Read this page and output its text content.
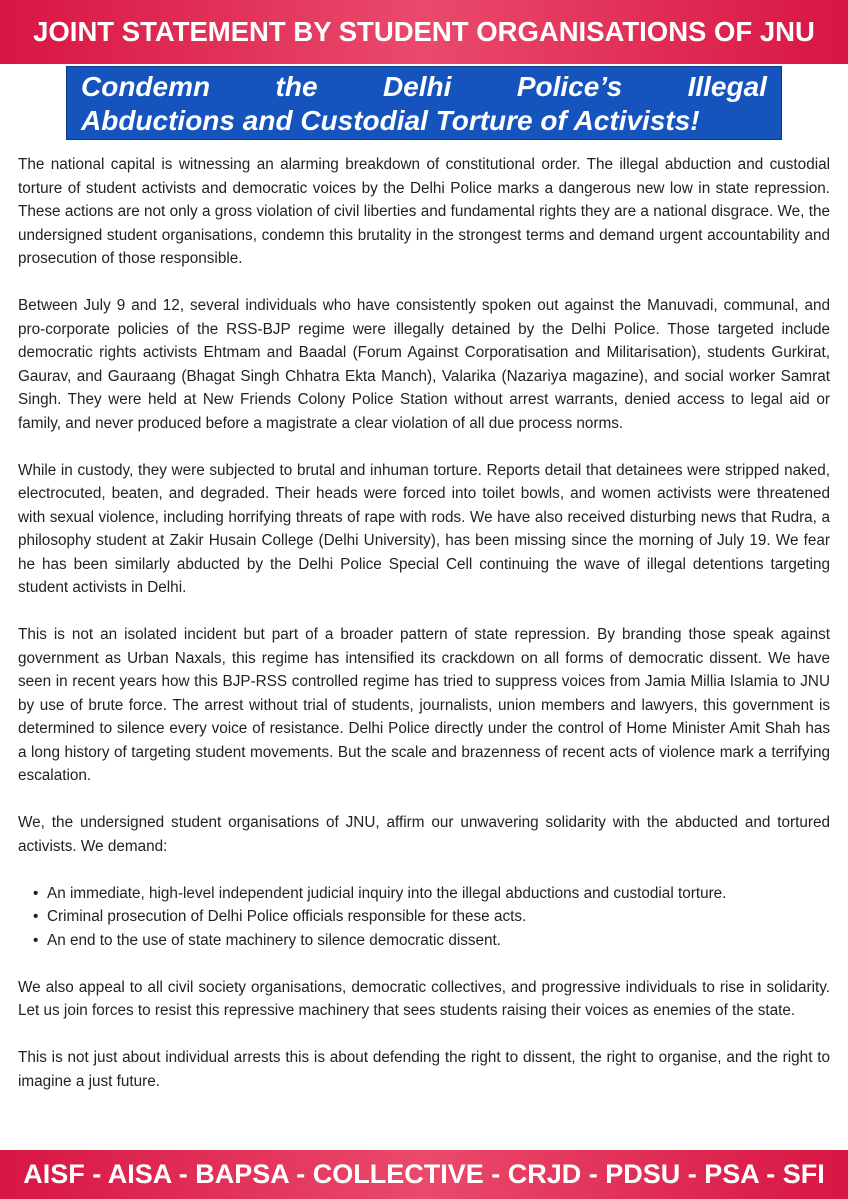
JOINT STATEMENT BY STUDENT ORGANISATIONS OF JNU
Condemn the Delhi Police’s Illegal
Abductions and Custodial Torture of Activists!

The national capital is witnessing an alarming breakdown of constitutional order. The illegal abduction and custodial torture of student activists and democratic voices by the Delhi Police marks a dangerous new low in state repression. These actions are not only a gross violation of civil liberties and fundamental rights they are a national disgrace. We, the undersigned student organisations, condemn this brutality in the strongest terms and demand urgent accountability and prosecution of those responsible.

Between July 9 and 12, several individuals who have consistently spoken out against the Manuvadi, communal, and pro-corporate policies of the RSS-BJP regime were illegally detained by the Delhi Police. Those targeted include democratic rights activists Ehtmam and Baadal (Forum Against Corporatisation and Militarisation), students Gurkirat, Gaurav, and Gauraang (Bhagat Singh Chhatra Ekta Manch), Valarika (Nazariya magazine), and social worker Samrat Singh. They were held at New Friends Colony Police Station without arrest warrants, denied access to legal aid or family, and never produced before a magistrate a clear violation of all due process norms.

While in custody, they were subjected to brutal and inhuman torture. Reports detail that detainees were stripped naked, electrocuted, beaten, and degraded. Their heads were forced into toilet bowls, and women activists were threatened with sexual violence, including horrifying threats of rape with rods. We have also received disturbing news that Rudra, a philosophy student at Zakir Husain College (Delhi University), has been missing since the morning of July 19. We fear he has been similarly abducted by the Delhi Police Special Cell continuing the wave of illegal detentions targeting student activists in Delhi.

This is not an isolated incident but part of a broader pattern of state repression. By branding those speak against government as Urban Naxals, this regime has intensified its crackdown on all forms of democratic dissent. We have seen in recent years how this BJP-RSS controlled regime has tried to suppress voices from Jamia Millia Islamia to JNU by use of brute force. The arrest without trial of students, journalists, union members and lawyers, this government is determined to silence every voice of resistance. Delhi Police directly under the control of Home Minister Amit Shah has a long history of targeting student movements. But the scale and brazenness of recent acts of violence mark a terrifying escalation.

We, the undersigned student organisations of JNU, affirm our unwavering solidarity with the abducted and tortured activists. We demand:

• An immediate, high-level independent judicial inquiry into the illegal abductions and custodial torture.
• Criminal prosecution of Delhi Police officials responsible for these acts.
• An end to the use of state machinery to silence democratic dissent.

We also appeal to all civil society organisations, democratic collectives, and progressive individuals to rise in solidarity. Let us join forces to resist this repressive machinery that sees students raising their voices as enemies of the state.

This is not just about individual arrests this is about defending the right to dissent, the right to organise, and the right to imagine a just future.

AISF - AISA - BAPSA - COLLECTIVE - CRJD - PDSU - PSA - SFI
